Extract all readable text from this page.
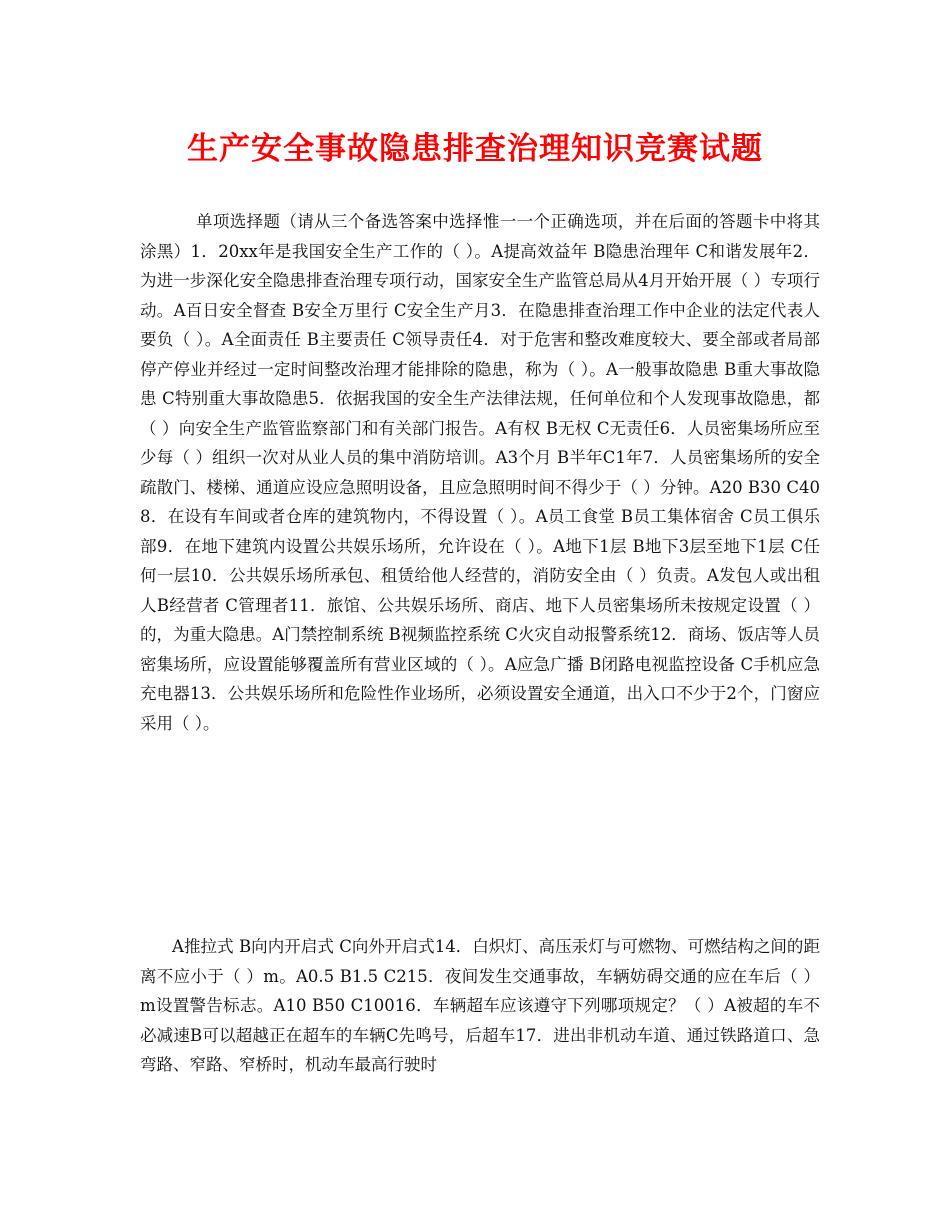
生产安全事故隐患排查治理知识竞赛试题

单项选择题（请从三个备选答案中选择惟一一个正确选项，并在后面的答题卡中将其涂黑）1．20xx年是我国安全生产工作的（ ）。A提高效益年 B隐患治理年 C和谐发展年2．为进一步深化安全隐患排查治理专项行动，国家安全生产监管总局从4月开始开展（ ）专项行动。A百日安全督查 B安全万里行 C安全生产月3．在隐患排查治理工作中企业的法定代表人要负（ ）。A全面责任 B主要责任 C领导责任4．对于危害和整改难度较大、要全部或者局部停产停业并经过一定时间整改治理才能排除的隐患，称为（ ）。A一般事故隐患 B重大事故隐患 C特别重大事故隐患5．依据我国的安全生产法律法规，任何单位和个人发现事故隐患，都（ ）向安全生产监管监察部门和有关部门报告。A有权 B无权 C无责任6．人员密集场所应至少每（ ）组织一次对从业人员的集中消防培训。A3个月 B半年C1年7．人员密集场所的安全疏散门、楼梯、通道应设应急照明设备，且应急照明时间不得少于（ ）分钟。A20 B30 C408．在设有车间或者仓库的建筑物内，不得设置（ ）。A员工食堂 B员工集体宿舍 C员工俱乐部9．在地下建筑内设置公共娱乐场所，允许设在（ ）。A地下1层 B地下3层至地下1层 C任何一层10．公共娱乐场所承包、租赁给他人经营的，消防安全由（ ）负责。A发包人或出租人B经营者 C管理者11．旅馆、公共娱乐场所、商店、地下人员密集场所未按规定设置（ ）的，为重大隐患。A门禁控制系统 B视频监控系统 C火灾自动报警系统12．商场、饭店等人员密集场所，应设置能够覆盖所有营业区域的（ ）。A应急广播 B闭路电视监控设备 C手机应急充电器13．公共娱乐场所和危险性作业场所，必须设置安全通道，出入口不少于2个，门窗应采用（ ）。

A推拉式 B向内开启式 C向外开启式14．白炽灯、高压汞灯与可燃物、可燃结构之间的距离不应小于（ ）m。A0.5 B1.5 C215．夜间发生交通事故，车辆妨碍交通的应在车后（ ）m设置警告标志。A10 B50 C10016．车辆超车应该遵守下列哪项规定？（ ）A被超的车不必减速B可以超越正在超车的车辆C先鸣号，后超车17．进出非机动车道、通过铁路道口、急弯路、窄路、窄桥时，机动车最高行驶时
